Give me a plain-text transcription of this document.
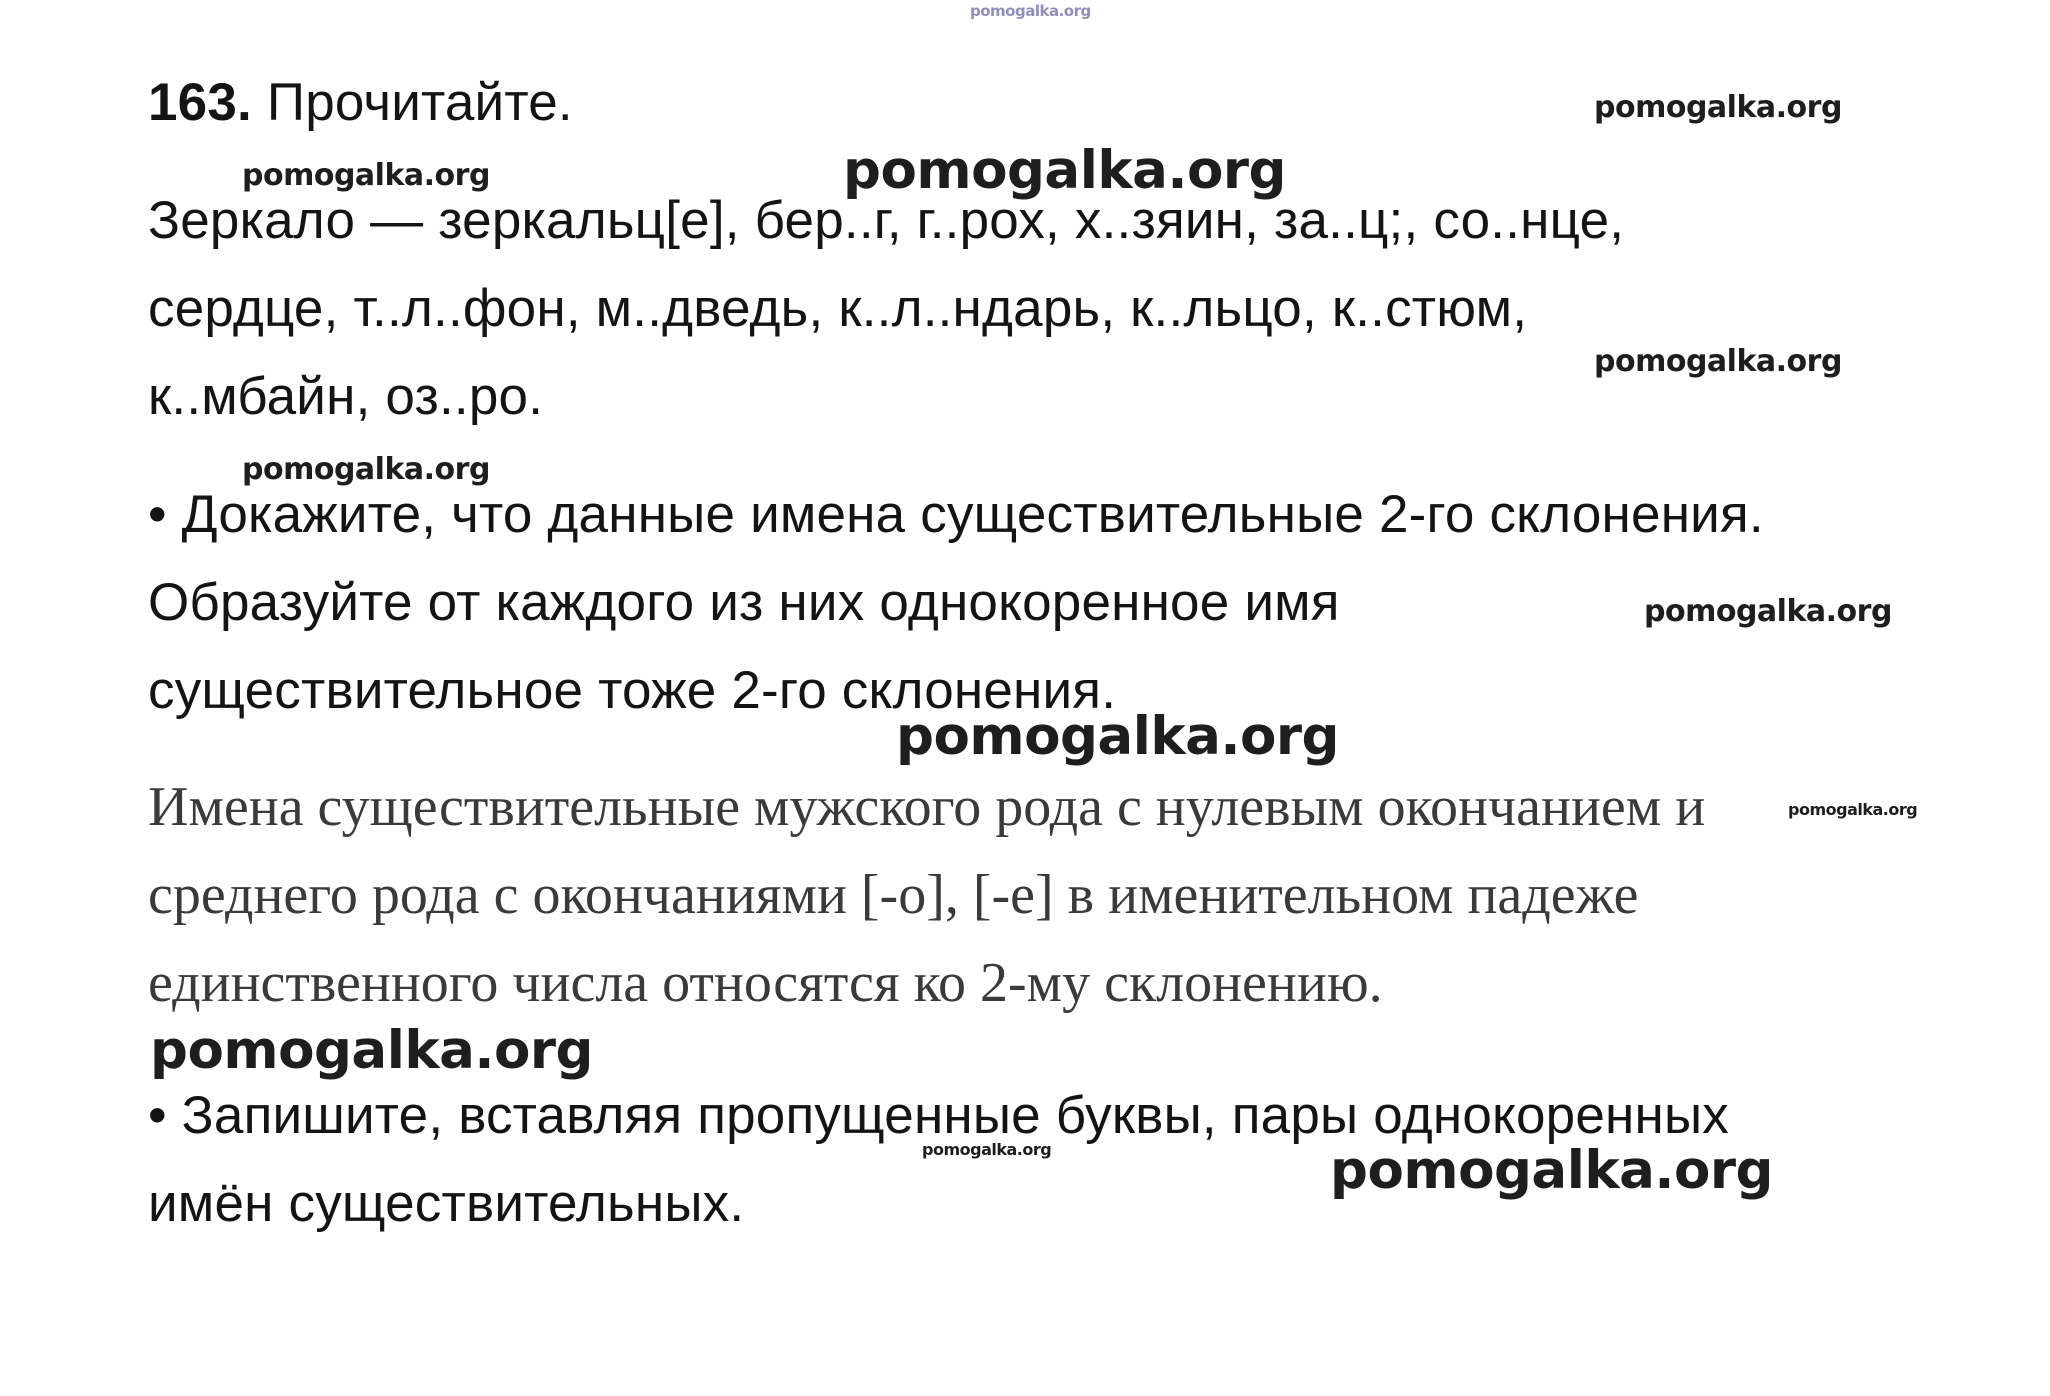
pomogalka.org
163. Прочитайте.	pomogalka.org
pomogalka.org	pomogalka.org
Зеркало — зеркальц[е], бер..г, г..рох, х..зяин, за..ц;, со..нце,
сердце, т..л..фон, м..дведь, к..л..ндарь, к..льцо, к..стюм,
pomogalka.org
к..мбайн, оз..ро.
pomogalka.org
• Докажите, что данные имена существительные 2-го склонения.
Образуйте от каждого из них однокоренное имя	pomogalka.org
существительное тоже 2-го склонения.
pomogalka.org
Имена существительные мужского рода с нулевым окончанием и	pomogalka.org
среднего рода с окончаниями [-о], [-е] в именительном падеже
единственного числа относятся ко 2-му склонению.
pomogalka.org
• Запишите, вставляя пропущенные буквы, пары однокоренных
pomogalka.org	pomogalka.org
имён существительных.
